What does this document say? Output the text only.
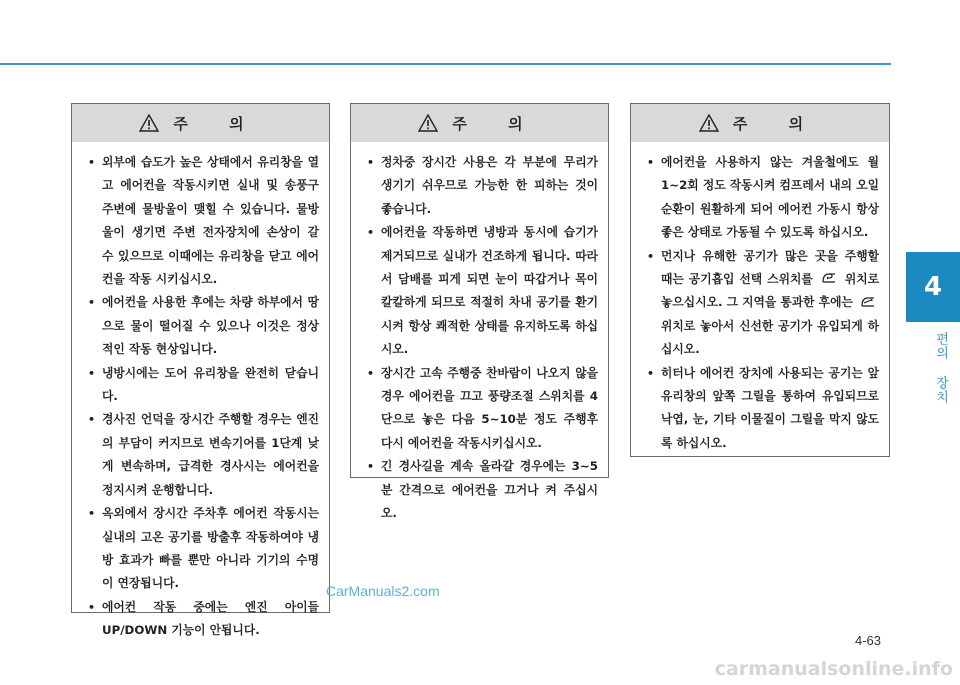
4
편의 장치
주 의
• 외부에 습도가 높은 상태에서 유리창을 열고 에어컨을 작동시키면 실내 및 송풍구 주변에 물방울이 맺힐 수 있습니다. 물방울이 생기면 주변 전자장치에 손상이 갈 수 있으므로 이때에는 유리창을 닫고 에어컨을 작동 시키십시오.
• 에어컨을 사용한 후에는 차량 하부에서 땅으로 물이 떨어질 수 있으나 이것은 정상적인 작동 현상입니다.
• 냉방시에는 도어 유리창을 완전히 닫습니다.
• 경사진 언덕을 장시간 주행할 경우는 엔진의 부담이 커지므로 변속기어를 1단계 낮게 변속하며, 급격한 경사시는 에어컨을 정지시켜 운행합니다.
• 옥외에서 장시간 주차후 에어컨 작동시는 실내의 고온 공기를 방출후 작동하여야 냉방 효과가 빠를 뿐만 아니라 기기의 수명이 연장됩니다.
• 에어컨 작동 중에는 엔진 아이들 UP/DOWN 기능이 안됩니다.
주 의
• 정차중 장시간 사용은 각 부분에 무리가 생기기 쉬우므로 가능한 한 피하는 것이 좋습니다.
• 에어컨을 작동하면 냉방과 동시에 습기가 제거되므로 실내가 건조하게 됩니다. 따라서 담배를 피게 되면 눈이 따갑거나 목이 칼칼하게 되므로 적절히 차내 공기를 환기시켜 항상 쾌적한 상태를 유지하도록 하십시오.
• 장시간 고속 주행중 찬바람이 나오지 않을 경우 에어컨을 끄고 풍량조절 스위치를 4단으로 놓은 다음 5~10분 정도 주행후 다시 에어컨을 작동시키십시오.
• 긴 경사길을 계속 올라갈 경우에는 3~5분 간격으로 에어컨을 끄거나 켜 주십시오.
주 의
• 에어컨을 사용하지 않는 겨울철에도 월 1~2회 정도 작동시켜 컴프레서 내의 오일 순환이 원활하게 되어 에어컨 가동시 항상 좋은 상태로 가동될 수 있도록 하십시오.
• 먼지나 유해한 공기가 많은 곳을 주행할 때는 공기흡입 선택 스위치를	위치로 놓으십시오. 그 지역을 통과한 후에는  위치로 놓아서 신선한 공기가 유입되게 하십시오.
• 히터나 에어컨 장치에 사용되는 공기는 앞 유리창의 앞쪽 그릴을 통하여 유입되므로 낙엽, 눈, 기타 이물질이 그릴을 막지 않도록 하십시오.
CarManuals2.com
4-63
carmanualsonline.info
